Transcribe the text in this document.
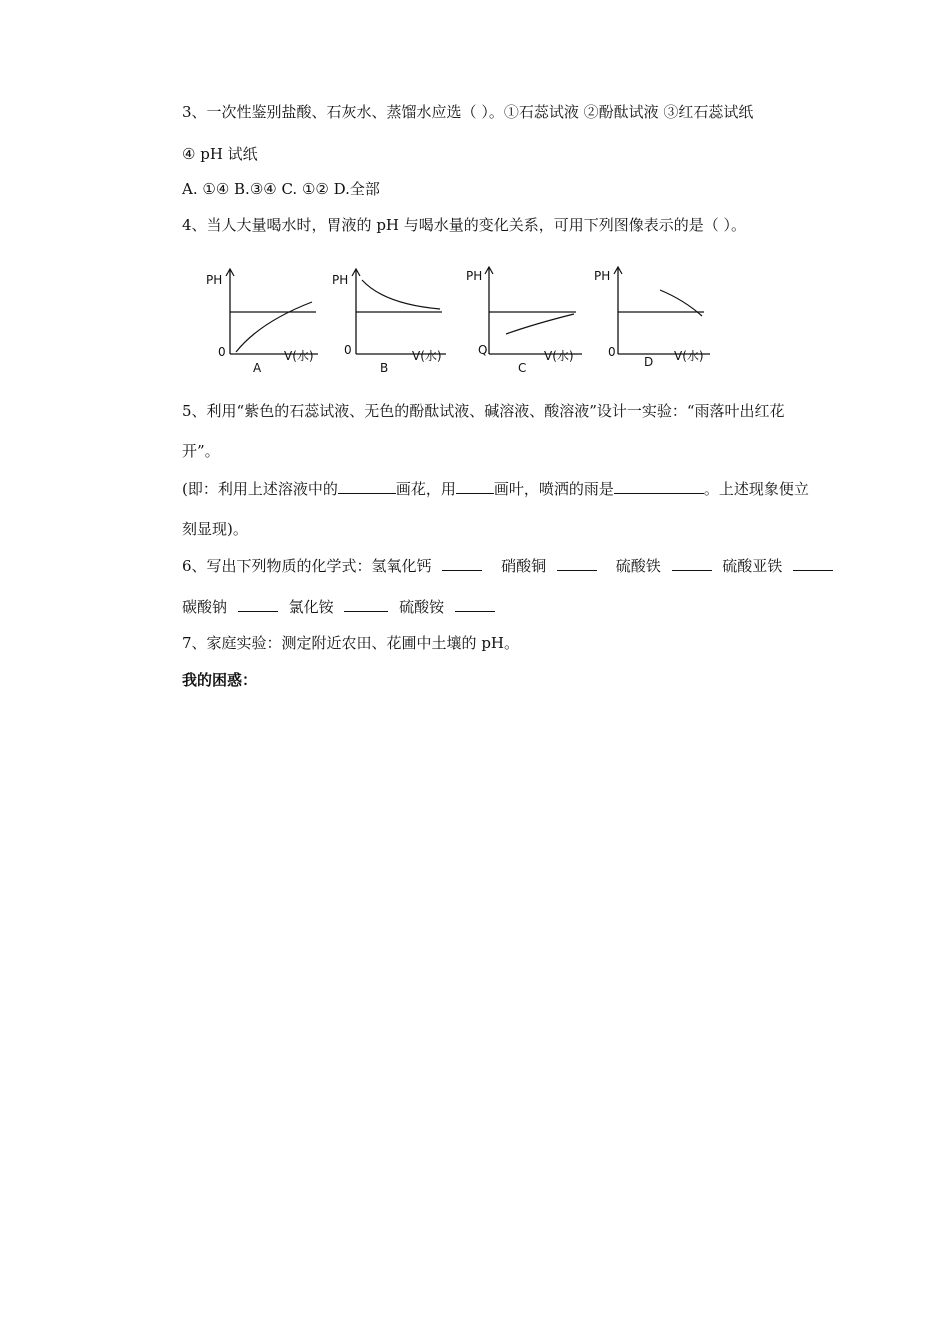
3、一次性鉴别盐酸、石灰水、蒸馏水应选（ ）。①石蕊试液 ②酚酞试液 ③红石蕊试纸
④ pH 试纸
A. ①④ B.③④ C. ①② D.全部
4、当人大量喝水时，胃液的 pH 与喝水量的变化关系，可用下列图像表示的是（ ）。
PH
0	V(水)
A
PH
0	V(水)
B
PH
Q	V(水)
C
PH
0	V(水)
D
5、利用“紫色的石蕊试液、无色的酚酞试液、碱溶液、酸溶液”设计一实验：“雨落叶出红花
开”。
(即：利用上述溶液中的	画花，用	画叶，喷洒的雨是	。上述现象便立
刻显现)。
6、写出下列物质的化学式：氢氧化钙	硝酸铜	硫酸铁	硫酸亚铁
碳酸钠	氯化铵	硫酸铵
7、家庭实验：测定附近农田、花圃中土壤的 pH。
我的困惑：
